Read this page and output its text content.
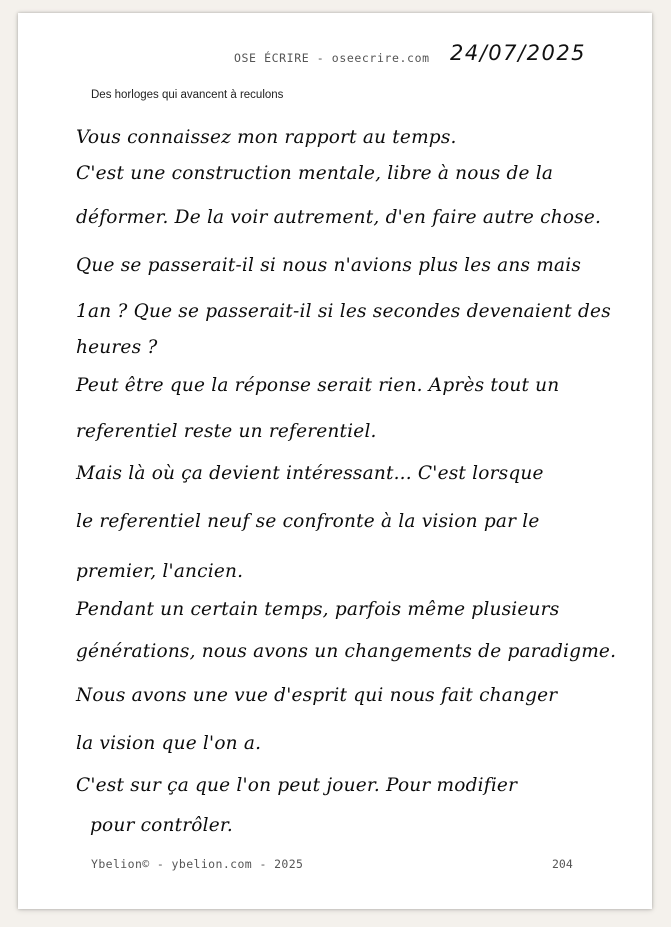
OSE ÉCRIRE - oseecrire.com 24/07/2025
Des horloges qui avancent à reculons
Vous connaissez mon rapport au temps.
C'est une construction mentale, libre à nous de la
déformer. De la voir autrement, d'en faire autre chose.
Que se passerait-il si nous n'avions plus les ans mais
1an ? Que se passerait-il si les secondes devenaient des
heures ?
Peut être que la réponse serait rien. Après tout un
referentiel reste un referentiel.
Mais là où ça devient intéressant... C'est lorsque
le referentiel neuf se confronte à la vision par le
premier, l'ancien.
Pendant un certain temps, parfois même plusieurs
générations, nous avons un changements de paradigme.
Nous avons une vue d'esprit qui nous fait changer
la vision que l'on a.
C'est sur ça que l'on peut jouer. Pour modifier
pour contrôler.
Ybelion© - ybelion.com - 2025	204
